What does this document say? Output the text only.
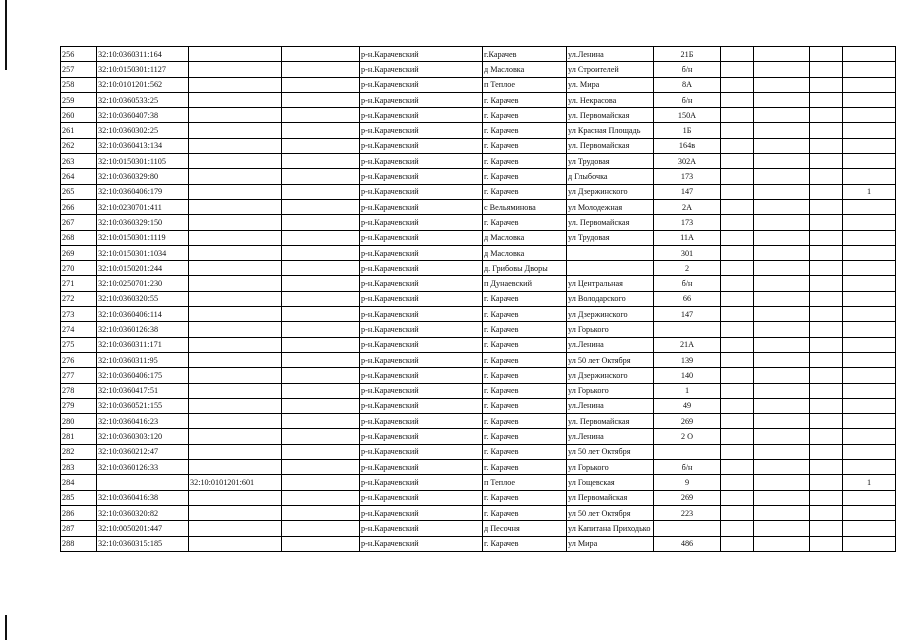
256	32:10:0360311:164			р-н.Карачевский	г.Карачев	ул.Ленина	21Б				
257	32:10:0150301:1127			р-н.Карачевский	д Масловка	ул Строителей	б/н				
258	32:10:0101201:562			р-н.Карачевский	п Теплое	ул. Мира	8А				
259	32:10:0360533:25			р-н.Карачевский	г. Карачев	ул. Некрасова	б/н				
260	32:10:0360407:38			р-н.Карачевский	г. Карачев	ул. Первомайская	150А				
261	32:10:0360302:25			р-н.Карачевский	г. Карачев	ул Красная Площадь	1Б				
262	32:10:0360413:134			р-н.Карачевский	г. Карачев	ул. Первомайская	164в				
263	32:10:0150301:1105			р-н.Карачевский	г. Карачев	ул Трудовая	302А				
264	32:10:0360329:80			р-н.Карачевский	г. Карачев	д Глыбочка	173				
265	32:10:0360406:179			р-н.Карачевский	г. Карачев	ул Дзержинского	147				1
266	32:10:0230701:411			р-н.Карачевский	с Вельяминова	ул Молодежная	2А				
267	32:10:0360329:150			р-н.Карачевский	г. Карачев	ул. Первомайская	173				
268	32:10:0150301:1119			р-н.Карачевский	д Масловка	ул Трудовая	11А				
269	32:10:0150301:1034			р-н.Карачевский	д Масловка		301				
270	32:10:0150201:244			р-н.Карачевский	д. Грибовы Дворы		2				
271	32:10:0250701:230			р-н.Карачевский	п Дунаевский	ул Центральная	б/н				
272	32:10:0360320:55			р-н.Карачевский	г. Карачев	ул Володарского	66				
273	32:10:0360406:114			р-н.Карачевский	г. Карачев	ул Дзержинского	147				
274	32:10:0360126:38			р-н.Карачевский	г. Карачев	ул Горького					
275	32:10:0360311:171			р-н.Карачевский	г. Карачев	ул.Ленина	21А				
276	32:10:0360311:95			р-н.Карачевский	г. Карачев	ул 50 лет Октября	139				
277	32:10:0360406:175			р-н.Карачевский	г. Карачев	ул Дзержинского	140				
278	32:10:0360417:51			р-н.Карачевский	г. Карачев	ул Горького	1				
279	32:10:0360521:155			р-н.Карачевский	г. Карачев	ул.Ленина	49				
280	32:10:0360416:23			р-н.Карачевский	г. Карачев	ул. Первомайская	269				
281	32:10:0360303:120			р-н.Карачевский	г. Карачев	ул.Ленина	2 О				
282	32:10:0360212:47			р-н.Карачевский	г. Карачев	ул 50 лет Октября					
283	32:10:0360126:33			р-н.Карачевский	г. Карачев	ул Горького	б/н				
284		32:10:0101201:601		р-н.Карачевский	п Теплое	ул Гощевская	9				1
285	32:10:0360416:38			р-н.Карачевский	г. Карачев	ул Первомайская	269				
286	32:10:0360320:82			р-н.Карачевский	г. Карачев	ул 50 лет Октября	223				
287	32:10:0050201:447			р-н.Карачевский	д Песочня	ул Капитана Приходько					
288	32:10:0360315:185			р-н.Карачевский	г. Карачев	ул Мира	486				
